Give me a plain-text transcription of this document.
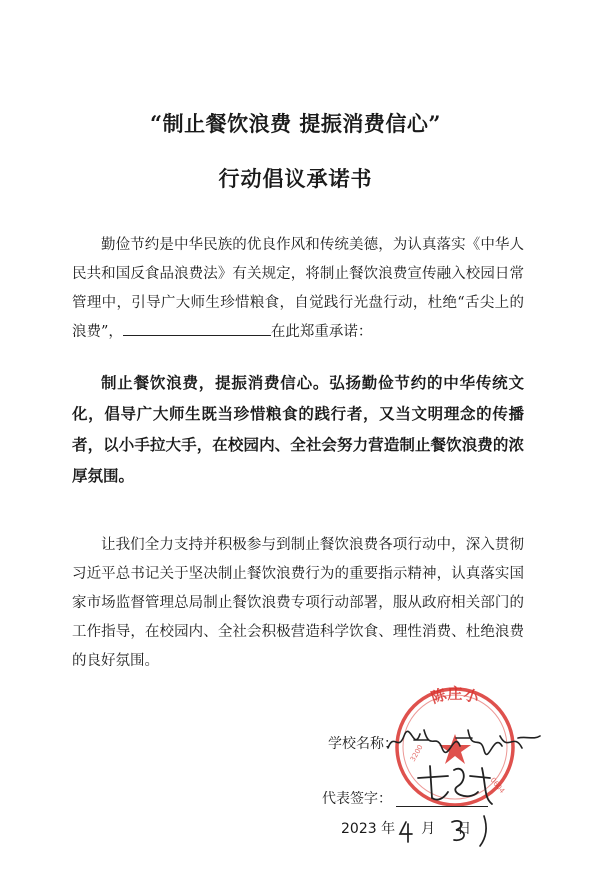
“制止餐饮浪费 提振消费信心”
行动倡议承诺书

勤俭节约是中华民族的优良作风和传统美德，为认真落实《中华人民共和国反食品浪费法》有关规定，将制止餐饮浪费宣传融入校园日常管理中，引导广大师生珍惜粮食，自觉践行光盘行动，杜绝“舌尖上的浪费”，	在此郑重承诺：

制止餐饮浪费，提振消费信心。弘扬勤俭节约的中华传统文化，倡导广大师生既当珍惜粮食的践行者，又当文明理念的传播者，以小手拉大手，在校园内、全社会努力营造制止餐饮浪费的浓厚氛围。

让我们全力支持并积极参与到制止餐饮浪费各项行动中，深入贯彻习近平总书记关于坚决制止餐饮浪费行为的重要指示精神，认真落实国家市场监督管理总局制止餐饮浪费专项行动部署，服从政府相关部门的工作指导，在校园内、全社会积极营造科学饮食、理性消费、杜绝浪费的良好氛围。

陈庄小
3200
0604
学校名称：
代表签字：
2023 年 月 日
